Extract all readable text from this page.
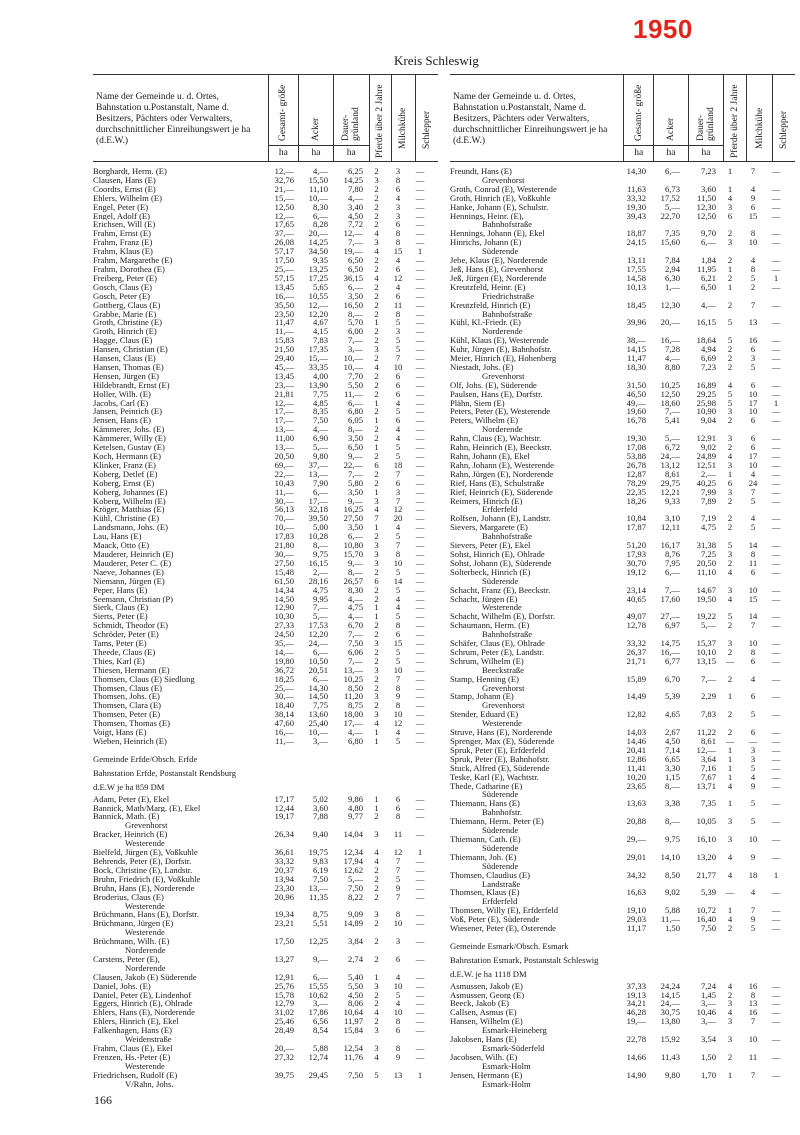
1950
Kreis Schleswig
Name der Gemeinde u. d. Ortes, Bahnstation u.Postanstalt, Name d. Besitzers, Pächters oder Verwalters, durchschnittlicher Einreihungswert je ha (d.E.W.)	Gesamt- größe
ha

Acker
ha

Dauer- grünland
ha	Pferde über 2 Jahre	Milchkühe	Schlepper
Borghardt, Herm. (E)	12,—	4,—	6,25	2	3	—
Clausen, Hans (E)	32,76	15,50	14,25	3	8	—
Coordts, Ernst (E)	21,—	11,10	7,80	2	6	—
Ehlers, Wilhelm (E)	15,—	10,—	4,—	2	4	—
Engel, Peter (E)	12,50	8,30	3,40	2	3	—
Engel, Adolf (E)	12,—	6,—	4,50	2	3	—
Erichsen, Will (E)	17,65	8,28	7,72	2	6	—
Frahm, Ernst (E)	37,—	20,—	12,—	4	8	—
Frahm, Franz (E)	26,08	14,25	7,—	3	8	—
Frahm, Klaus (E)	57,17	34,50	19,—	4	15	1
Frahm, Margarethe (E)	17,50	9,35	6,50	2	4	—
Frahm, Dorothea (E)	25,—	13,25	6,50	2	6	—
Freiberg, Peter (E)	57,15	17,25	36,15	4	12	—
Gosch, Claus (E)	13,45	5,65	6,—	2	4	—
Gosch, Peter (E)	16,—	10,55	3,50	2	6	—
Gottberg, Claus (E)	35,50	12,—	16,50	2	11	—
Grabbe, Marie (E)	23,50	12,20	8,—	2	8	—
Groth, Christine (E)	11,47	4,67	5,70	1	5	—
Groth, Hinrich (E)	11,—	4,15	6,00	2	3	—
Hagge, Claus (E)	15,83	7,83	7,—	2	5	—
Hansen, Christian (E)	21,50	17,35	3,—	3	5	—
Hansen, Claus (E)	29,40	15,—	10,—	2	7	—
Hansen, Thomas (E)	45,—	33,35	10,—	4	10	—
Hensen, Jürgen (E)	13,45	4,00	7,70	2	6	—
Hildebrandt, Ernst (E)	23,—	13,90	5,50	2	6	—
Holler, Wilh. (E)	21,81	7,75	11,—	2	6	—
Jacobs, Carl (E)	12,—	4,85	6,—	1	4	—
Jansen, Peinrich (E)	17,—	8,35	6,80	2	5	—
Jensen, Hans (E)	17,—	7,50	6,05	1	6	—
Kämmerer, Johs. (E)	13,—	4,—	8,—	2	4	—
Kämmerer, Willy (E)	11,00	6,90	3,50	2	4	—
Ketelsen, Gustav (E)	13,—	5,—	6,50	1	5	—
Koch, Hermann (E)	20,50	9,80	9,—	2	5	—
Klinker, Franz (E)	69,—	37,—	22,—	6	18	—
Koberg, Detlef (E)	22,—	13,—	7,—	2	7	—
Koberg, Ernst (E)	10,43	7,90	5,80	2	6	—
Koberg, Johannes (E)	11,—	6,—	3,50	1	3	—
Koberg, Wilhelm (E)	30,—	17,—	9,—	3	7	—
Kröger, Matthias (E)	56,13	32,18	16,25	4	12	—
Kühl, Christine (E)	70,—	39,50	27,50	7	20	—
Landsmann, Johs. (E)	10,—	5,00	3,50	1	4	—
Lau, Hans (E)	17,83	10,28	6,—	2	5	—
Maack, Otto (E)	21,80	8,—	10,80	3	7	—
Mauderer, Heinrich (E)	30,—	9,75	15,70	3	8	—
Mauderer, Peter C. (E)	27,50	16,15	9,—	3	10	—
Naeve, Johannes (E)	15,48	2,—	8,—	2	5	—
Niemann, Jürgen (E)	61,50	28,16	26,57	6	14	—
Peper, Hans (E)	14,34	4,75	8,30	2	5	—
Seemann, Christian (P)	14,50	9,95	4,—	2	4	—
Sierk, Claus (E)	12,90	7,—	4,75	1	4	—
Sierts, Peter (E)	10,30	5,—	4,—	1	5	—
Schmidt, Theodor (E)	27,33	17,53	6,70	2	8	—
Schröder, Peter (E)	24,50	12,20	7,—	2	6	—
Tams, Peter (E)	35,—	24,—	7,50	3	15	—
Theede, Claus (E)	14,—	6,—	6,06	2	5	—
Thies, Karl (E)	19,80	10,50	7,—	2	5	—
Thiesen, Hermann (E)	36,72	20,51	13,—	3	10	—
Thomsen, Claus (E) Siedlung	18,25	6,—	10,25	2	7	—
Thomsen, Claus (E)	25,—	14,30	8,50	2	8	—
Thomsen, Johs. (E)	30,—	14,50	11,20	3	9	—
Thomsen, Clara (E)	18,40	7,75	8,75	2	8	—
Thomsen, Peter (E)	38,14	13,60	18,00	3	10	—
Thomsen, Thomas (E)	47,60	25,40	17,—	4	12	—
Voigt, Hans (E)	16,—	10,—	4,—	1	4	—
Wieben, Heinrich (E)	11,—	3,—	6,80	1	5	—
Gemeinde Erfde/Obsch. Erfde
Bahnstation Erfde, Postanstalt Rendsburg
d.E.W je ha 859 DM
Adam, Peter (E), Ekel	17,17	5,02	9,86	1	6	—
Bannick, Math/Marg. (E), Ekel	12,44	3,60	4,80	1	6	—
Bannick, Math. (E)	19,17	7,88	9,77	2	8	—
Grevenhorst
Bracker, Heinrich (E)	26,34	9,40	14,04	3	11	—
Westerende
Bielfeld, Jürgen (E), Voßkuhle	36,61	19,75	12,34	4	12	1
Behrends, Peter (E), Dorfstr.	33,32	9,83	17,94	4	7	—
Bock, Christine (E), Landstr.	20,37	6,19	12,62	2	7	—
Bruhn, Friedrich (E), Voßkuhle	13,94	7,50	5,—	2	5	—
Bruhn, Hans (E), Norderende	23,30	13,—	7,50	2	9	—
Broderius, Claus (E)	20,96	11,35	8,22	2	7	—
Westerende
Brüchmann, Hans (E), Dorfstr.	19,34	8,75	9,09	3	8	—
Brüchmann, Jürgen (E)	23,21	5,51	14,89	2	10	—
Westerende
Brüchmann, Wilh. (E)	17,50	12,25	3,84	2	3	—
Norderende
Carstens, Peter (E),	13,27	9,—	2,74	2	6	—
Norderende
Clausen, Jakob (E) Süderende	12,91	6,—	5,40	1	4	—
Daniel, Johs. (E)	25,76	15,55	5,50	3	10	—
Daniel, Peter (E), Lindenhof	15,78	10,62	4,50	2	5	—
Eggers, Hinrich (E), Ohlrade	12,79	3,—	8,06	2	4	—
Ehlers, Hans (E), Norderende	31,02	17,86	10,64	4	10	—
Ehlers, Hinrich (E), Ekel	25,46	6,56	11,97	2	8	—
Falkenhagen, Hans (E)	28,49	8,54	15,84	3	6	—
Weidenstraße
Frahm, Claus (E), Ekel	20,—	5,88	12,54	3	8	—
Frenzen, Hs.-Peter (E)	27,32	12,74	11,76	4	9	—
Westerende
Friedrichsen, Rudolf (E)	39,75	29,45	7,50	5	13	1
V/Rahn, Johs.
Name der Gemeinde u. d. Ortes, Bahnstation u.Postanstalt, Name d. Besitzers, Pächters oder Verwalters, durchschnittlicher Einreihungswert je ha (d.E.W.)	Gesamt- größe
ha

Acker
ha

Dauer- grünland
ha	Pferde über 2 Jahre	Milchkühe	Schlepper
Freundt, Hans (E)	14,30	6,—	7,23	1	7	—
Grevenhorst
Groth, Conrad (E), Westerende	11,63	6,73	3,60	1	4	—
Groth, Hinrich (E), Voßkuhle	33,32	17,52	11,50	4	9	—
Hanke, Johann (E), Schulstr.	19,30	5,—	12,30	3	6	—
Hennings, Heinr. (E),	39,43	22,70	12,50	6	15	—
Bahnhofstraße
Hennings, Johann (E), Ekel	18,87	7,35	9,70	2	8	—
Hinrichs, Johann (E)	24,15	15,60	6,—	3	10	—
Süderende
Jebe, Klaus (E), Norderende	13,11	7,84	1,84	2	4	—
Jeß, Hans (E), Grevenhorst	17,55	2,94	11,95	1	8	—
Jeß, Jürgen (E), Norderende	14,58	6,30	6,21	2	5	1
Kreutzfeld, Heinr. (E)	10,13	1,—	6,50	1	2	—
Friedrichstraße
Kreutzfeld, Hinrich (E)	18,45	12,30	4,—	2	7	—
Bahnhofstraße
Kühl, Kl.-Friedr. (E)	39,96	20,—	16,15	5	13	—
Norderende
Kühl, Klaus (E), Westerende	38,—	16,—	18,64	5	16	—
Kuhr, Jürgen (E), Bahnhofstr.	14,15	7,28	4,94	2	6	—
Meier, Hinrich (E), Hohenberg	11,47	4,—	6,69	2	3	—
Niestadt, Johs. (E)	18,30	8,80	7,23	2	5	—
Grevenhorst
Olf, Johs. (E), Süderende	31,50	10,25	16,89	4	6	—
Paulsen, Hans (E), Dorfstr.	46,50	12,50	29,25	5	10	—
Plähn, Siem (E)	49,—	18,60	25,98	5	17	1
Peters, Peter (E), Westerende	19,60	7,—	10,90	3	10	—
Peters, Wilhelm (E)	16,78	5,41	9,04	2	6	—
Norderende
Rahn, Claus (E), Wachtstr.	19,30	5,—	12,91	3	6	—
Rahn, Heinrich (E), Beeckstr.	17,08	6,72	9,02	2	6	—
Rahn, Johann (E), Ekel	53,88	24,—	24,89	4	17	—
Rahn, Johann (E), Westerende	26,78	13,12	12,51	3	10	—
Rahn, Jürgen (E), Norderende	12,87	8,61	2,—	1	4	—
Rief, Hans (E), Schulstraße	78,29	29,75	40,25	6	24	—
Rief, Heinrich (E), Süderende	22,35	12,21	7,99	3	7	—
Reimers, Hinrich (E)	18,26	9,33	7,89	2	5	—
Erfderfeld
Rolfsen, Johann (E), Landstr.	10,84	3,10	7,19	2	4	—
Sievers, Margarete (E)	17,87	12,11	4,75	2	5	—
Bahnhofstraße
Sievers, Peter (E), Ekel	51,20	16,17	31,38	5	14	—
Sohst, Hinrich (E), Ohlrade	17,93	8,76	7,25	3	8	—
Sohst, Johann (E), Süderende	30,70	7,95	20,50	2	11	—
Solterbeck, Hinrich (E)	19,12	6,—	11,10	4	6	—
Süderende
Schacht, Franz (E), Beeckstr.	23,14	7,—	14,67	3	10	—
Schacht, Jürgen (E)	40,65	17,60	19,50	4	15	—
Westerende
Schacht, Wilhelm (E), Dorfstr.	49,07	27,—	19,22	5	14	—
Schaumann, Herm. (E)	12,78	6,97	5,—	2	7	—
Bahnhofstraße
Schäfer, Claus (E), Ohlrade	33,32	14,75	15,37	3	10	—
Schrum, Peter (E), Landstr.	26,37	16,—	10,10	2	8	—
Schrum, Wilhelm (E)	21,71	6,77	13,15	—	6	—
Beeckstraße
Stamp, Henning (E)	15,89	6,70	7,—	2	4	—
Grevenhorst
Stamp, Johann (E)	14,49	5,39	2,29	1	6	—
Grevenhorst
Stender, Eduard (E)	12,82	4,65	7,83	2	5	—
Westerende
Struve, Hans (E), Norderende	14,03	2,67	11,22	2	6	—
Sprenger, Max (E), Süderende	14,46	4,50	8,61	—	—	—
Spruk, Peter (E), Erfderfeld	20,41	7,14	12,—	1	3	—
Spruk, Peter (E), Bahnhofstr.	12,86	6,65	3,64	1	3	—
Stuck, Alfred (E), Süderende	11,41	3,30	7,16	1	5	—
Teske, Karl (E), Wachtstr.	10,20	1,15	7,67	1	4	—
Thede, Catharine (E)	23,65	8,—	13,71	4	9	—
Süderende
Thiemann, Hans (E)	13,63	3,38	7,35	1	5	—
Bahnhofstr.
Thiemann, Herm. Peter (E)	20,88	8,—	10,05	3	5	—
Süderende
Thiemann, Cath. (E)	29,—	9,75	16,10	3	10	—
Süderende
Thiemann, Joh. (E)	29,01	14,10	13,20	4	9	—
Süderende
Thomsen, Claudius (E)	34,32	8,50	21,77	4	18	1
Landstraße
Thomsen, Klaus (E)	16,63	9,02	5,39	—	4	—
Erfderfeld
Thomsen, Willy (E), Erfderfeld	19,10	5,88	10,72	1	7	—
Voß, Peter (E), Süderende	29,03	11,—	16,40	4	9	—
Wiesener, Peter (E), Osterende	11,17	1,50	7,50	2	5	—
Gemeinde Esmark/Obsch. Esmark
Bahnstation Esmark, Postanstalt Schleswig
d.E.W. je ha 1118 DM
Asmussen, Jakob (E)	37,33	24,24	7,24	4	16	—
Asmussen, Georg (E)	19,13	14,15	1,45	2	8	—
Beeck, Jakob (E)	34,21	24,—	3,—	3	13	—
Callsen, Asmus (E)	46,28	30,75	10,46	4	16	—
Hansen, Wilhelm (E)	19,—	13,80	3,—	3	7	—
Esmark-Heineberg
Jakobsen, Hans (E)	22,78	15,92	3,54	3	10	—
Esmark-Süderfeld
Jacobsen, Wilh. (E)	14,66	11,43	1,50	2	11	—
Esmark-Holm
Jensen, Hermann (E)	14,90	9,80	1,70	1	7	—
Esmark-Holm
166
